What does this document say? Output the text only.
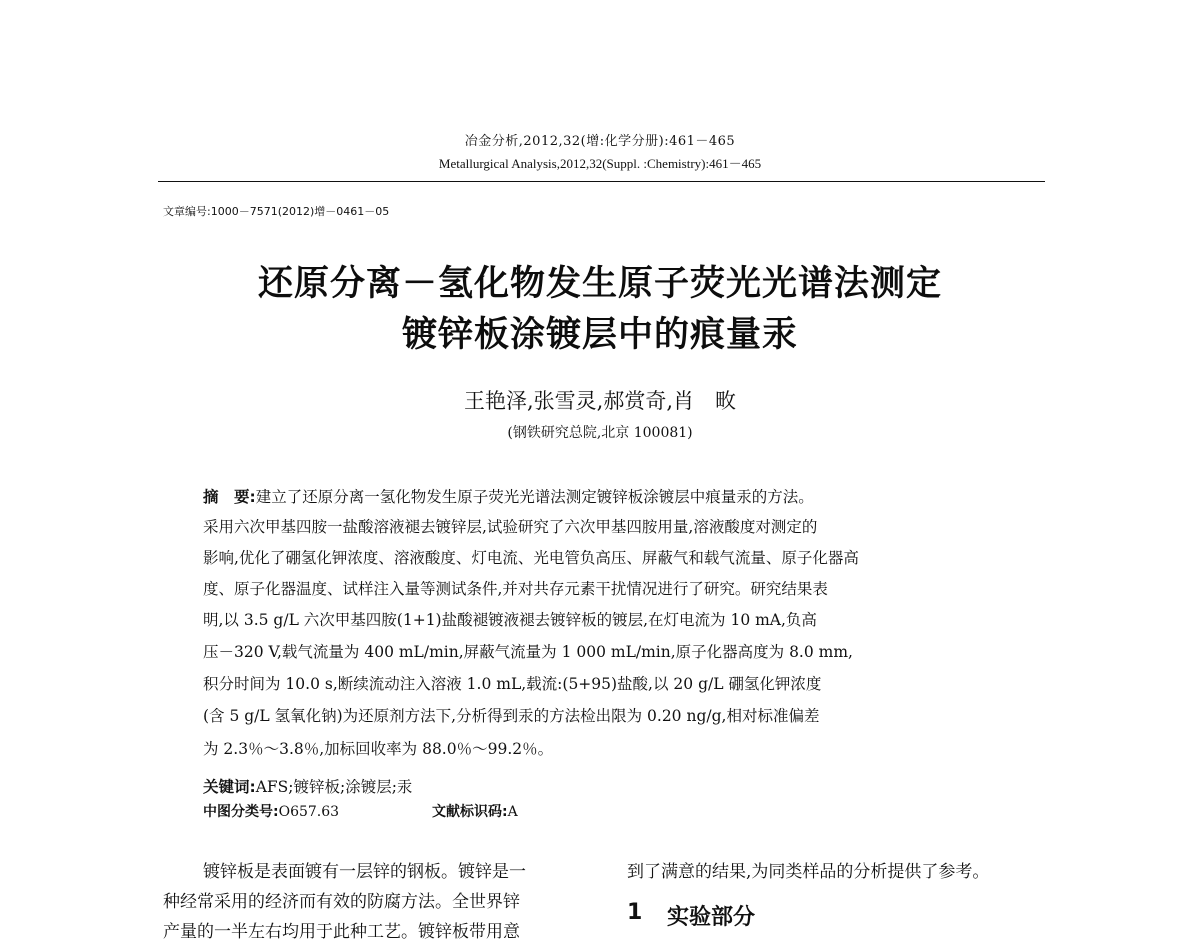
冶金分析,2012,32(增:化学分册):461－465
Metallurgical Analysis,2012,32(Suppl. :Chemistry):461－465
文章编号:1000－7571(2012)增－0461－05
还原分离－氢化物发生原子荧光光谱法测定
镀锌板涂镀层中的痕量汞
王艳泽,张雪灵,郝赏奇,肖　畋
(钢铁研究总院,北京 100081)
摘　要:建立了还原分离一氢化物发生原子荧光光谱法测定镀锌板涂镀层中痕量汞的方法。
采用六次甲基四胺一盐酸溶液褪去镀锌层,试验研究了六次甲基四胺用量,溶液酸度对测定的
影响,优化了硼氢化钾浓度、溶液酸度、灯电流、光电管负高压、屏蔽气和载气流量、原子化器高
度、原子化器温度、试样注入量等测试条件,并对共存元素干扰情况进行了研究。研究结果表
明,以 3.5 g/L 六次甲基四胺(1+1)盐酸褪镀液褪去镀锌板的镀层,在灯电流为 10 mA,负高
压－320 V,载气流量为 400 mL/min,屏蔽气流量为 1 000 mL/min,原子化器高度为 8.0 mm,
积分时间为 10.0 s,断续流动注入溶液 1.0 mL,载流:(5+95)盐酸,以 20 g/L 硼氢化钾浓度
(含 5 g/L 氢氧化钠)为还原剂方法下,分析得到汞的方法检出限为 0.20 ng/g,相对标准偏差
为 2.3％～3.8％,加标回收率为 88.0％～99.2％。
关键词:AFS;镀锌板;涂镀层;汞
中图分类号:O657.63	文献标识码:A
镀锌板是表面镀有一层锌的钢板。镀锌是一
种经常采用的经济而有效的防腐方法。全世界锌
产量的一半左右均用于此种工艺。镀锌板带用意
到了满意的结果,为同类样品的分析提供了参考。
1 实验部分
